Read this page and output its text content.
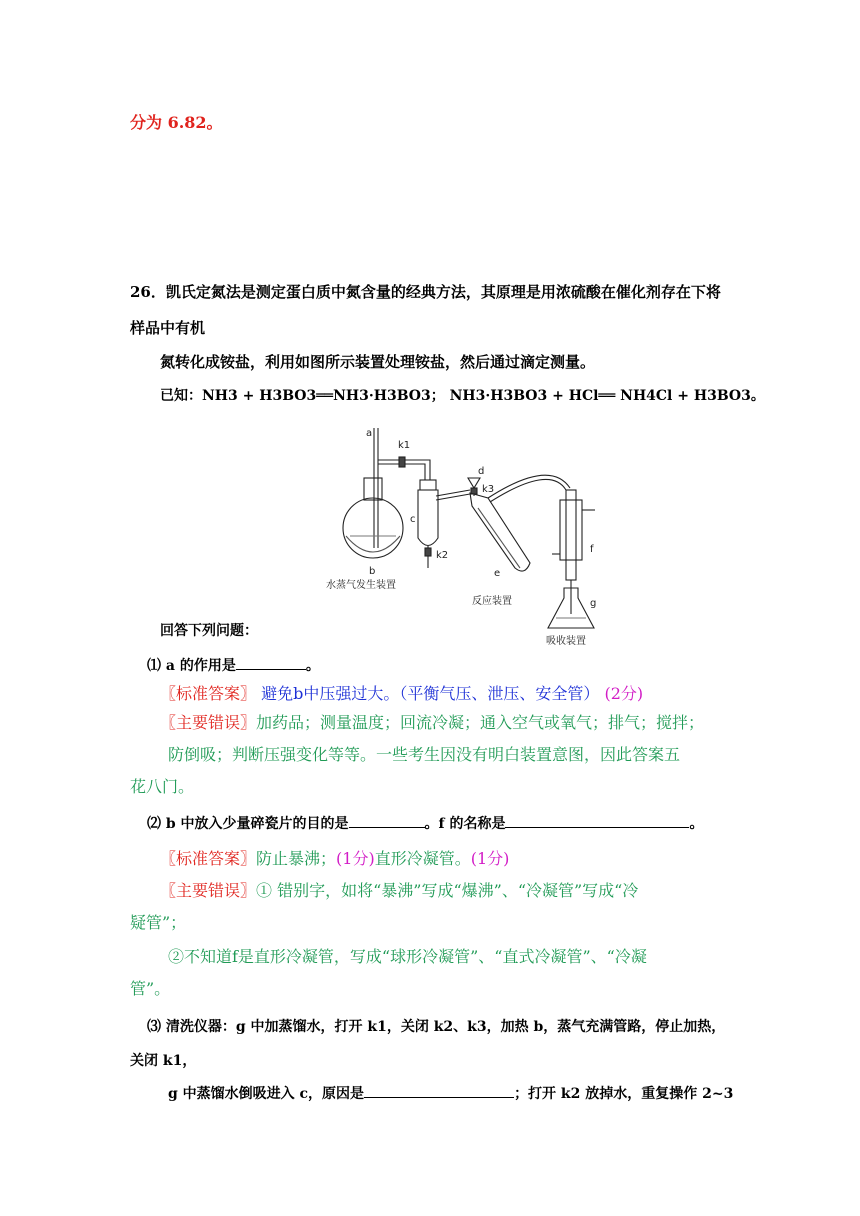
分为 6.82。
26．凯氏定氮法是测定蛋白质中氮含量的经典方法，其原理是用浓硫酸在催化剂存在下将
样品中有机
氮转化成铵盐，利用如图所示装置处理铵盐，然后通过滴定测量。
已知：NH3 + H3BO3══NH3·H3BO3； NH3·H3BO3 + HCl══ NH4Cl + H3BO3。
a
b
c
d
e
f
g
k1
k2
k3
水蒸气发生装置
反应装置
吸收装置
回答下列问题：
⑴ a 的作用是	。
〖标准答案〗 避免b中压强过大。（平衡气压、泄压、安全管） (2分)
〖主要错误〗加药品；测量温度；回流冷凝；通入空气或氧气；排气；搅拌；
防倒吸；判断压强变化等等。一些考生因没有明白装置意图，因此答案五
花八门。
⑵ b 中放入少量碎瓷片的目的是	。f 的名称是	。
〖标准答案〗防止暴沸；(1分)直形冷凝管。(1分)
〖主要错误〗① 错别字，如将“暴沸”写成“爆沸”、“冷凝管”写成“冷
疑管”；
②不知道f是直形冷凝管，写成“球形冷凝管”、“直式冷凝管”、“冷凝
管”。
⑶ 清洗仪器：g 中加蒸馏水，打开 k1，关闭 k2、k3，加热 b，蒸气充满管路，停止加热，
关闭 k1，
g 中蒸馏水倒吸进入 c，原因是	；打开 k2 放掉水，重复操作 2~3
